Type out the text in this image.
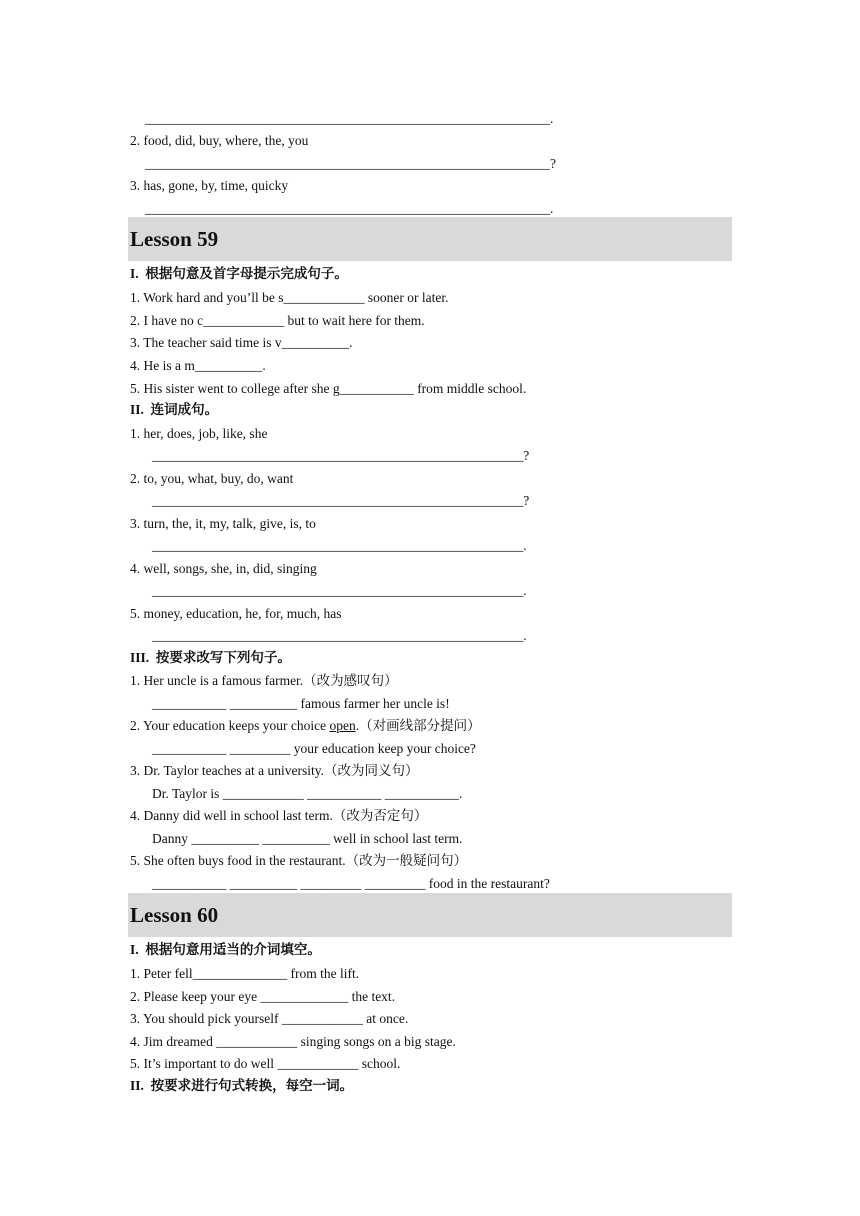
____________________________________________________________.
2. food, did, buy, where, the, you
____________________________________________________________?
3. has, gone, by, time, quicky
____________________________________________________________.
Lesson 59
I.  根据句意及首字母提示完成句子。
1. Work hard and you’ll be s____________ sooner or later.
2. I have no c____________ but to wait here for them.
3. The teacher said time is v__________.
4. He is a m__________.
5. His sister went to college after she g___________ from middle school.
II.  连词成句。
1. her, does, job, like, she
_______________________________________________________?
2. to, you, what, buy, do, want
_______________________________________________________?
3. turn, the, it, my, talk, give, is, to
_______________________________________________________.
4. well, songs, she, in, did, singing
_______________________________________________________.
5. money, education, he, for, much, has
_______________________________________________________.
III.  按要求改写下列句子。
1. Her uncle is a famous farmer.（改为感叹句）
___________ __________ famous farmer her uncle is!
2. Your education keeps your choice open.（对画线部分提问）
___________ _________ your education keep your choice?
3. Dr. Taylor teaches at a university.（改为同义句）
Dr. Taylor is ____________ ___________ ___________.
4. Danny did well in school last term.（改为否定句）
Danny __________ __________ well in school last term.
5. She often buys food in the restaurant.（改为一般疑问句）
___________ __________ _________ _________ food in the restaurant?
Lesson 60
I.  根据句意用适当的介词填空。
1. Peter fell______________ from the lift.
2. Please keep your eye _____________ the text.
3. You should pick yourself ____________ at once.
4. Jim dreamed ____________ singing songs on a big stage.
5. It’s important to do well ____________ school.
II.  按要求进行句式转换，每空一词。
